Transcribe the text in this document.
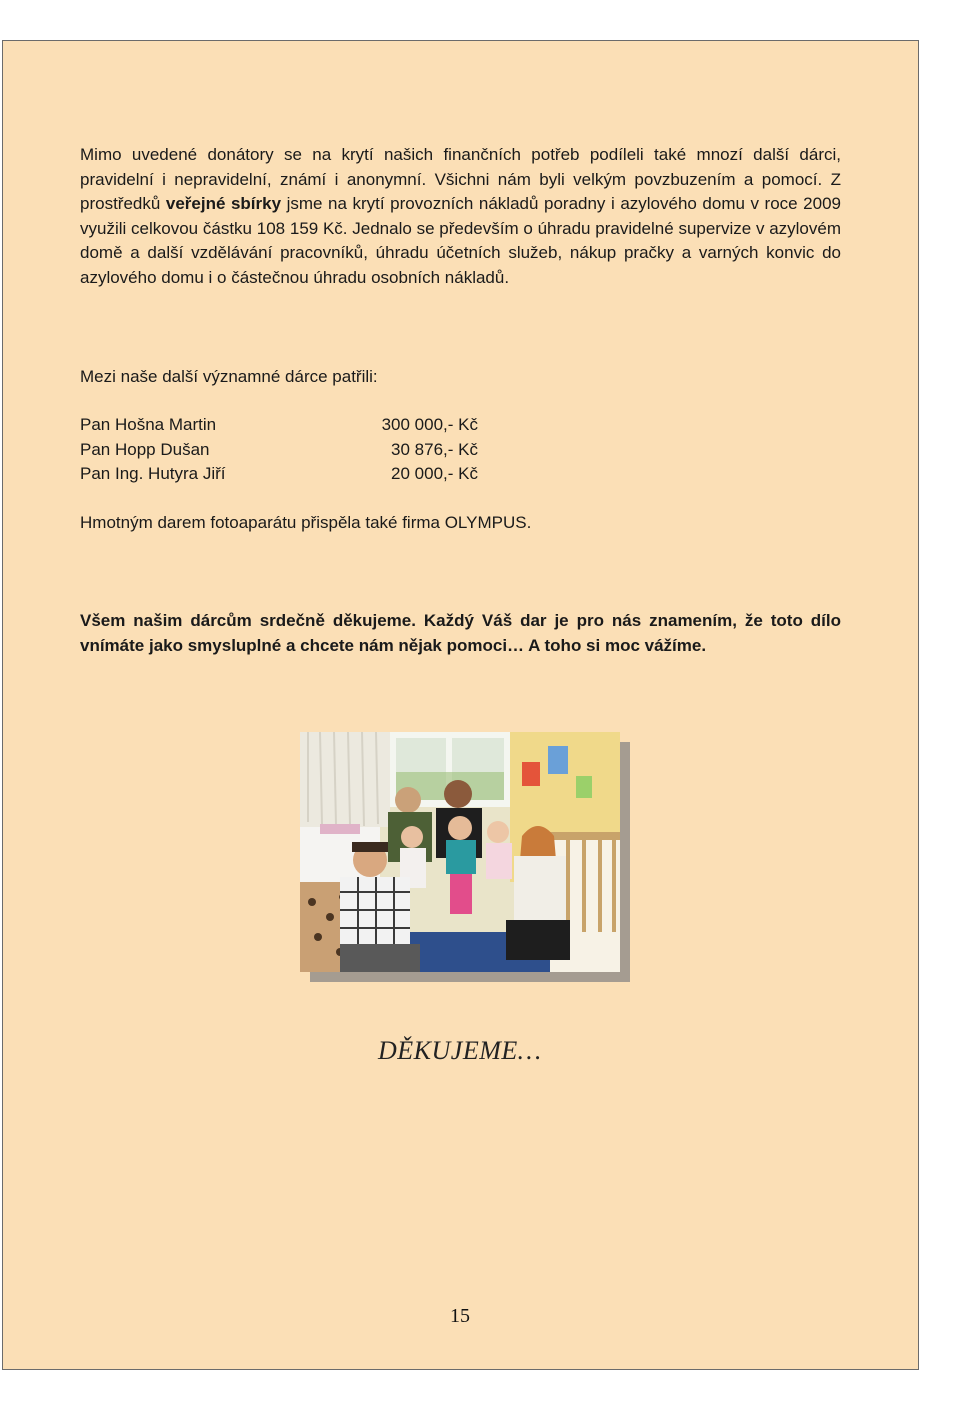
Mimo uvedené donátory se na krytí našich finančních potřeb podíleli také mnozí další dárci, pravidelní i nepravidelní, známí i anonymní. Všichni nám byli velkým povzbuzením a pomocí. Z prostředků veřejné sbírky jsme na krytí provozních nákladů poradny i azylového domu v roce 2009 využili celkovou částku 108 159 Kč. Jednalo se především o úhradu pravidelné supervize v azylovém domě a další vzdělávání pracovníků, úhradu účetních služeb, nákup pračky a varných konvic do azylového domu i o částečnou úhradu osobních nákladů.

Mezi naše další významné dárce patřili:

Pan Hošna Martin	300 000,- Kč
Pan Hopp Dušan	30 876,- Kč
Pan Ing. Hutyra Jiří	20 000,- Kč

Hmotným darem fotoaparátu přispěla také firma OLYMPUS.

Všem našim dárcům srdečně děkujeme. Každý Váš dar je pro nás znamením, že toto dílo vnímáte jako smysluplné a chcete nám nějak pomoci… A toho si moc vážíme.

DĚKUJEME…
15
